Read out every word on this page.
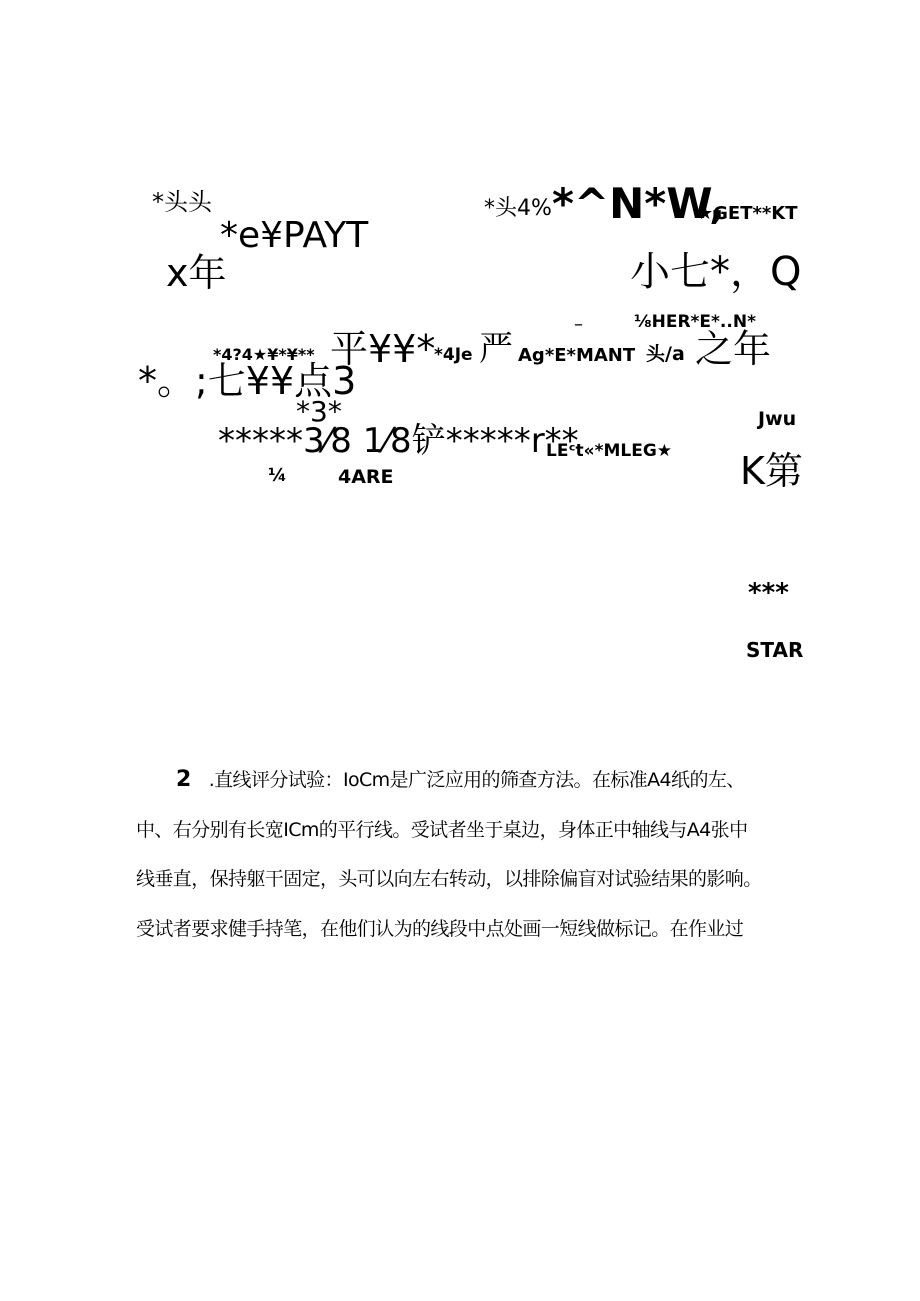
*头头
*e¥PAYT
*头4% *^N*W,
★GET**KT
x年	小七*，Q
–	⅛HER*E*..N*
*4?4★¥*¥** 平¥¥*
*4Je 严 Ag*E*MANT 头/a 之年
*。;七¥¥点3
*3*	Jwu
*****3⁄8 1⁄8铲*****r**
LEᶜt«*MLEG★
¼	4ARE	K第
***
STAR
2 .直线评分试验：IoCm是广泛应用的筛查方法。在标准A4纸的左、
中、右分别有长宽ICm的平行线。受试者坐于桌边，身体正中轴线与A4张中
线垂直，保持躯干固定，头可以向左右转动，以排除偏盲对试验结果的影响。
受试者要求健手持笔，在他们认为的线段中点处画一短线做标记。在作业过
